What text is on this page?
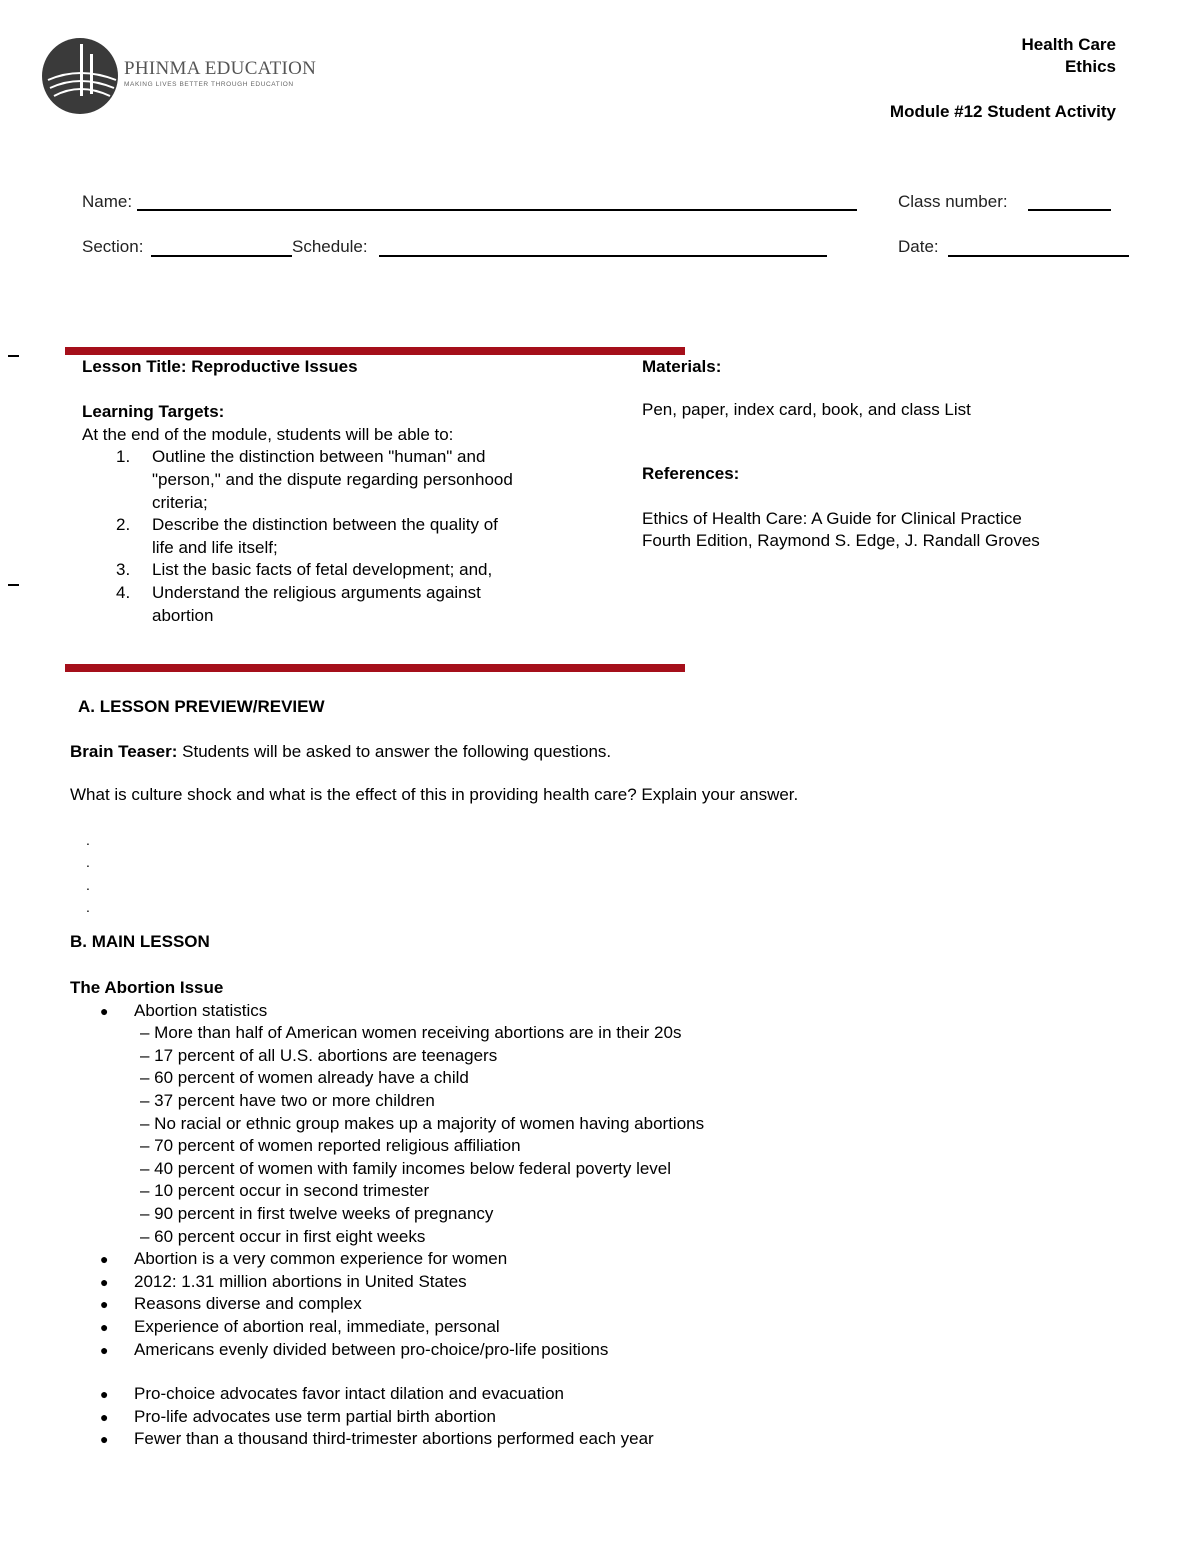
PHINMA EDUCATION
MAKING LIVES BETTER THROUGH EDUCATION
Health Care
Ethics
Module #12 Student Activity
Name:	Class number:
Section:	Schedule:	Date:

Lesson Title: Reproductive Issues

Learning Targets:

At the end of the module, students will be able to:

1. Outline the distinction between "human" and
"person," and the dispute regarding personhood
criteria;
2. Describe the distinction between the quality of
life and life itself;
3. List the basic facts of fetal development; and,
4. Understand the religious arguments against
abortion
Materials:
Pen, paper, index card, book, and class List
References:
Ethics of Health Care: A Guide for Clinical Practice
Fourth Edition, Raymond S. Edge, J. Randall Groves
A. LESSON PREVIEW/REVIEW
Brain Teaser: Students will be asked to answer the following questions.
What is culture shock and what is the effect of this in providing health care? Explain your answer.
.
.
.
.
B. MAIN LESSON
The Abortion Issue
● Abortion statistics
– More than half of American women receiving abortions are in their 20s
– 17 percent of all U.S. abortions are teenagers
– 60 percent of women already have a child
– 37 percent have two or more children
– No racial or ethnic group makes up a majority of women having abortions
– 70 percent of women reported religious affiliation
– 40 percent of women with family incomes below federal poverty level
– 10 percent occur in second trimester
– 90 percent in first twelve weeks of pregnancy
– 60 percent occur in first eight weeks
● Abortion is a very common experience for women
● 2012: 1.31 million abortions in United States
● Reasons diverse and complex
● Experience of abortion real, immediate, personal
● Americans evenly divided between pro-choice/pro-life positions
● Pro-choice advocates favor intact dilation and evacuation
● Pro-life advocates use term partial birth abortion
● Fewer than a thousand third-trimester abortions performed each year
